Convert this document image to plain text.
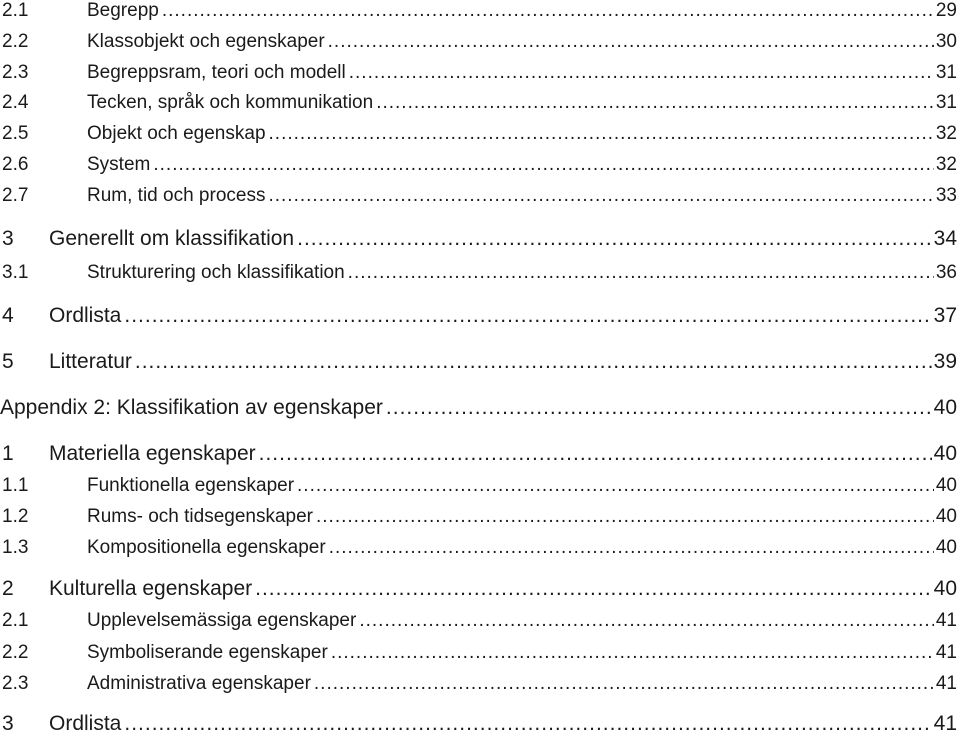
2.1	Begrepp .....	29
2.2	Klassobjekt och egenskaper .....	30
2.3	Begreppsram, teori och modell .....	31
2.4	Tecken, språk och kommunikation .....	31
2.5	Objekt och egenskap .....	32
2.6	System .....	32
2.7	Rum, tid och process .....	33
3	Generellt om klassifikation .....	34
3.1	Strukturering och klassifikation .....	36
4	Ordlista .....	37
5	Litteratur .....	39
Appendix 2: Klassifikation av egenskaper .....	40
1	Materiella egenskaper .....	40
1.1	Funktionella egenskaper .....	40
1.2	Rums- och tidsegenskaper .....	40
1.3	Kompositionella egenskaper .....	40
2	Kulturella egenskaper .....	40
2.1	Upplevelsemässiga egenskaper .....	41
2.2	Symboliserande egenskaper .....	41
2.3	Administrativa egenskaper .....	41
3	Ordlista .....	41
